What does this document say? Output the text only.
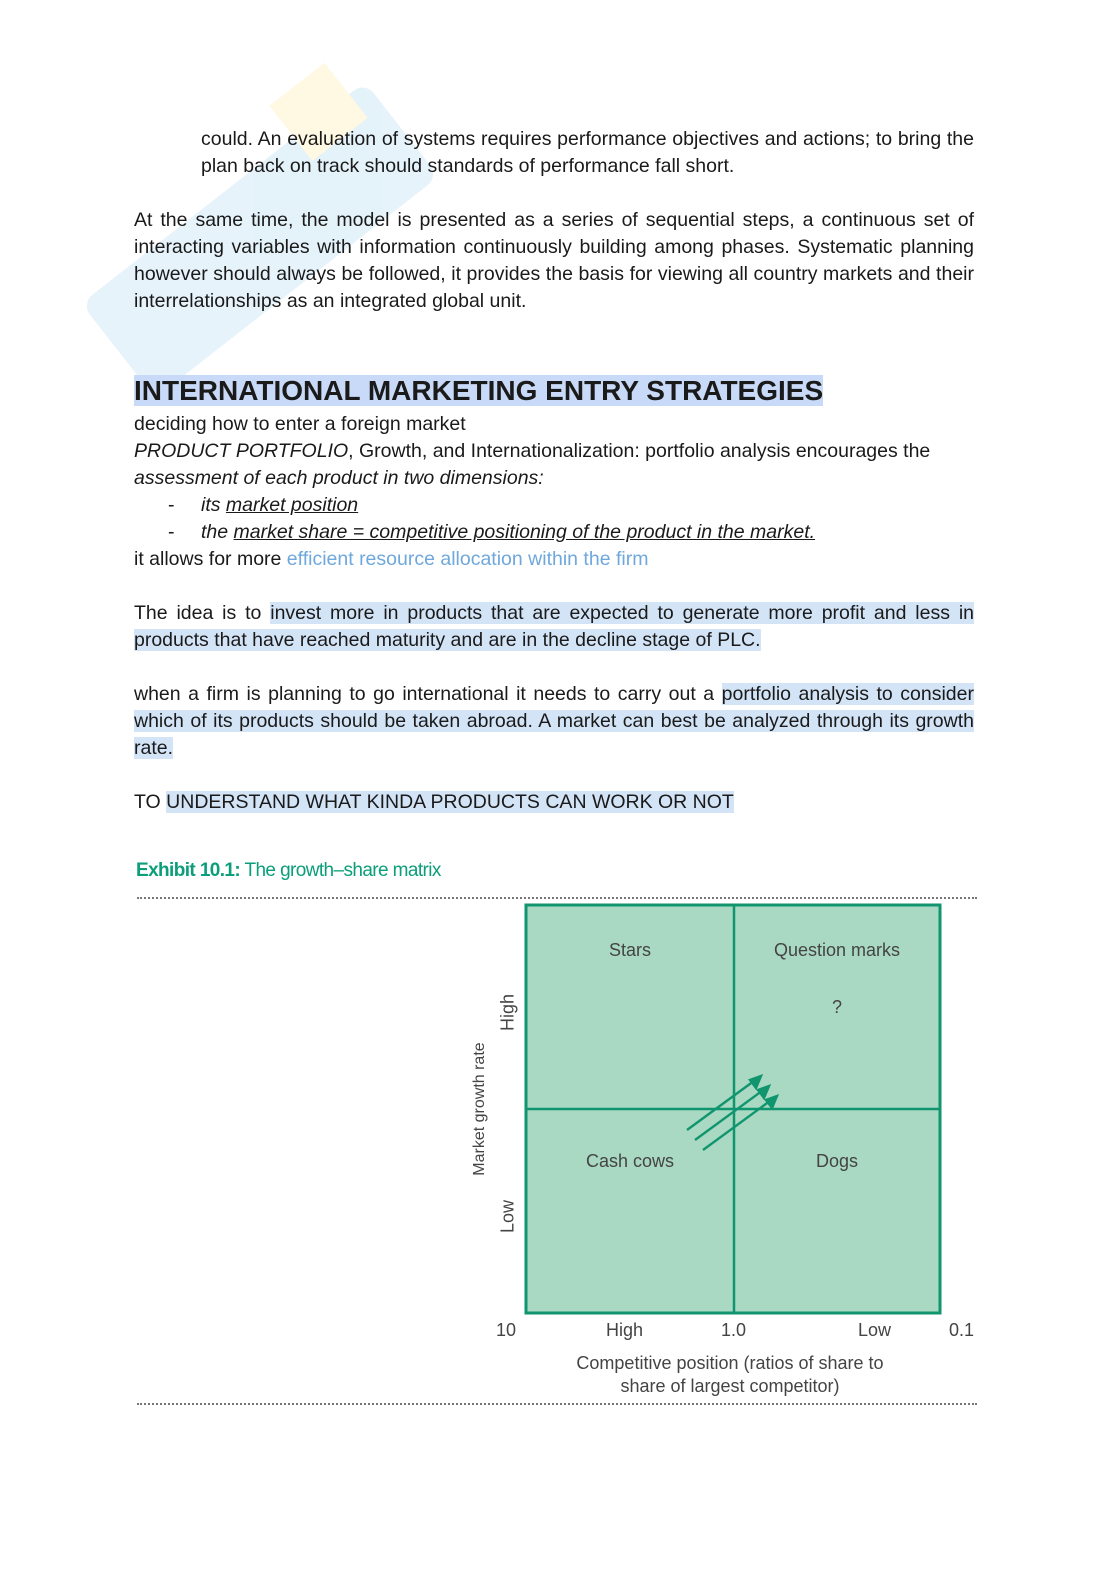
could. An evaluation of systems requires performance objectives and actions; to bring the plan back on track should standards of performance fall short.

At the same time, the model is presented as a series of sequential steps, a continuous set of interacting variables with information continuously building among phases. Systematic planning however should always be followed, it provides the basis for viewing all country markets and their interrelationships as an integrated global unit.

INTERNATIONAL MARKETING ENTRY STRATEGIES

deciding how to enter a foreign market

PRODUCT PORTFOLIO, Growth, and Internationalization: portfolio analysis encourages the

assessment of each product in two dimensions:

- its market position
- the market share = competitive positioning of the product in the market.

it allows for more efficient resource allocation within the firm

The idea is to invest more in products that are expected to generate more profit and less in products that have reached maturity and are in the decline stage of PLC.

when a firm is planning to go international it needs to carry out a portfolio analysis to consider which of its products should be taken abroad. A market can best be analyzed through its growth rate.

TO UNDERSTAND WHAT KINDA PRODUCTS CAN WORK OR NOT

Exhibit 10.1: The growth–share matrix
Stars	Question marks
?
Cash cows	Dogs
Market growth rate
High
Low
10	High	1.0	Low	0.1
Competitive position (ratios of share to
share of largest competitor)
